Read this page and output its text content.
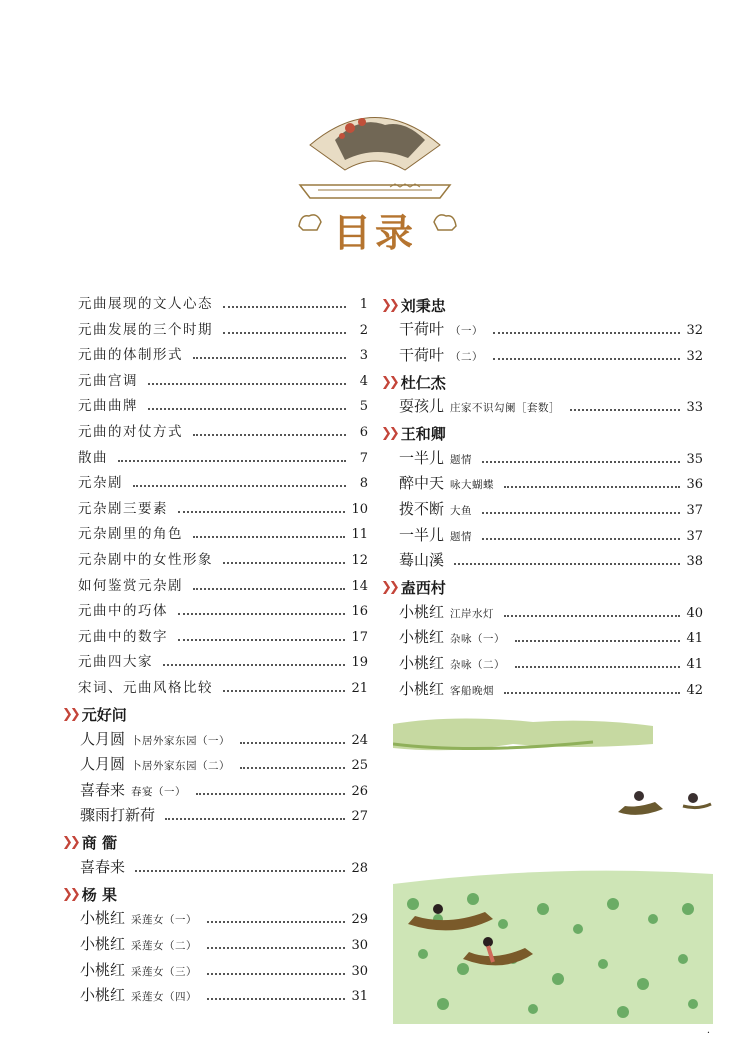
目录
元曲展现的文人心态	1
元曲发展的三个时期	2
元曲的体制形式	3
元曲宫调	4
元曲曲牌	5
元曲的对仗方式	6
散曲	7
元杂剧	8
元杂剧三要素	10
元杂剧里的角色	11
元杂剧中的女性形象	12
如何鉴赏元杂剧	14
元曲中的巧体	16
元曲中的数字	17
元曲四大家	19
宋词、元曲风格比较	21
❯❯ 元好问
人月圆 卜居外家东园（一）	24
人月圆 卜居外家东园（二）	25
喜春来 春宴（一）	26
骤雨打新荷	27
❯❯ 商 衟
喜春来	28
❯❯ 杨 果
小桃红 采莲女（一）	29
小桃红 采莲女（二）	30
小桃红 采莲女（三）	30
小桃红 采莲女（四）	31
❯❯ 刘秉忠
干荷叶 （一）	32
干荷叶 （二）	32
❯❯ 杜仁杰
耍孩儿 庄家不识勾阑［套数］	33
❯❯ 王和卿
一半儿 题情	35
醉中天 咏大蝴蝶	36
拨不断 大鱼	37
一半儿 题情	37
蓦山溪	38
❯❯ 盍西村
小桃红 江岸水灯	40
小桃红 杂咏（一）	41
小桃红 杂咏（二）	41
小桃红 客船晚烟	42
·
